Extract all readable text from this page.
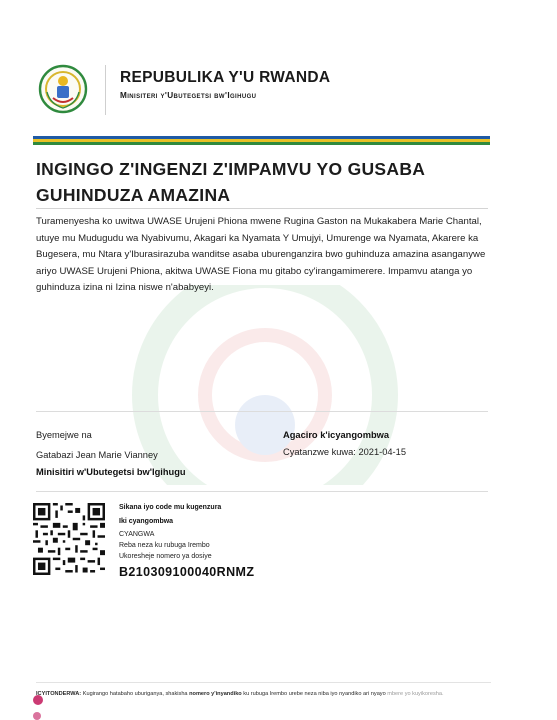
REPUBULIKA Y'U RWANDA
Minisiteri y'Ubutegetsi bw'Igihugu
INGINGO Z'INGENZI Z'IMPAMVU YO GUSABA GUHINDUZA AMAZINA
Turamenyesha ko uwitwa UWASE Urujeni Phiona mwene Rugina Gaston na Mukakabera Marie Chantal, utuye mu Mudugudu wa Nyabivumu, Akagari ka Nyamata Y Umujyi, Umurenge wa Nyamata, Akarere ka Bugesera, mu Ntara y'Iburasirazuba wanditse asaba uburenganzira bwo guhinduza amazina asanganywe ariyo UWASE Urujeni Phiona, akitwa UWASE Fiona mu gitabo cy'irangamimerere. Impamvu atanga yo guhinduza izina ni Izina niswe n'ababyeyi.
Byemejwe na
Gatabazi Jean Marie Vianney
Minisitiri w'Ubutegetsi bw'Igihugu
Agaciro k'icyangombwa
Cyatanzwe kuwa: 2021-04-15
Sikana iyo code mu kugenzura
Iki cyangombwa
CYANGWA
Reba neza ku rubuga Irembo
Ukoresheje nomero ya dosiye
B210309100040RNMZ
ICYITONDERWA: Kugirango hatabaho uburiganya, shakisha nomero y'inyandiko ku rubuga Irembo urebe neza niba iyo nyandiko ari nyayo mbere yo kuyikoresha.
